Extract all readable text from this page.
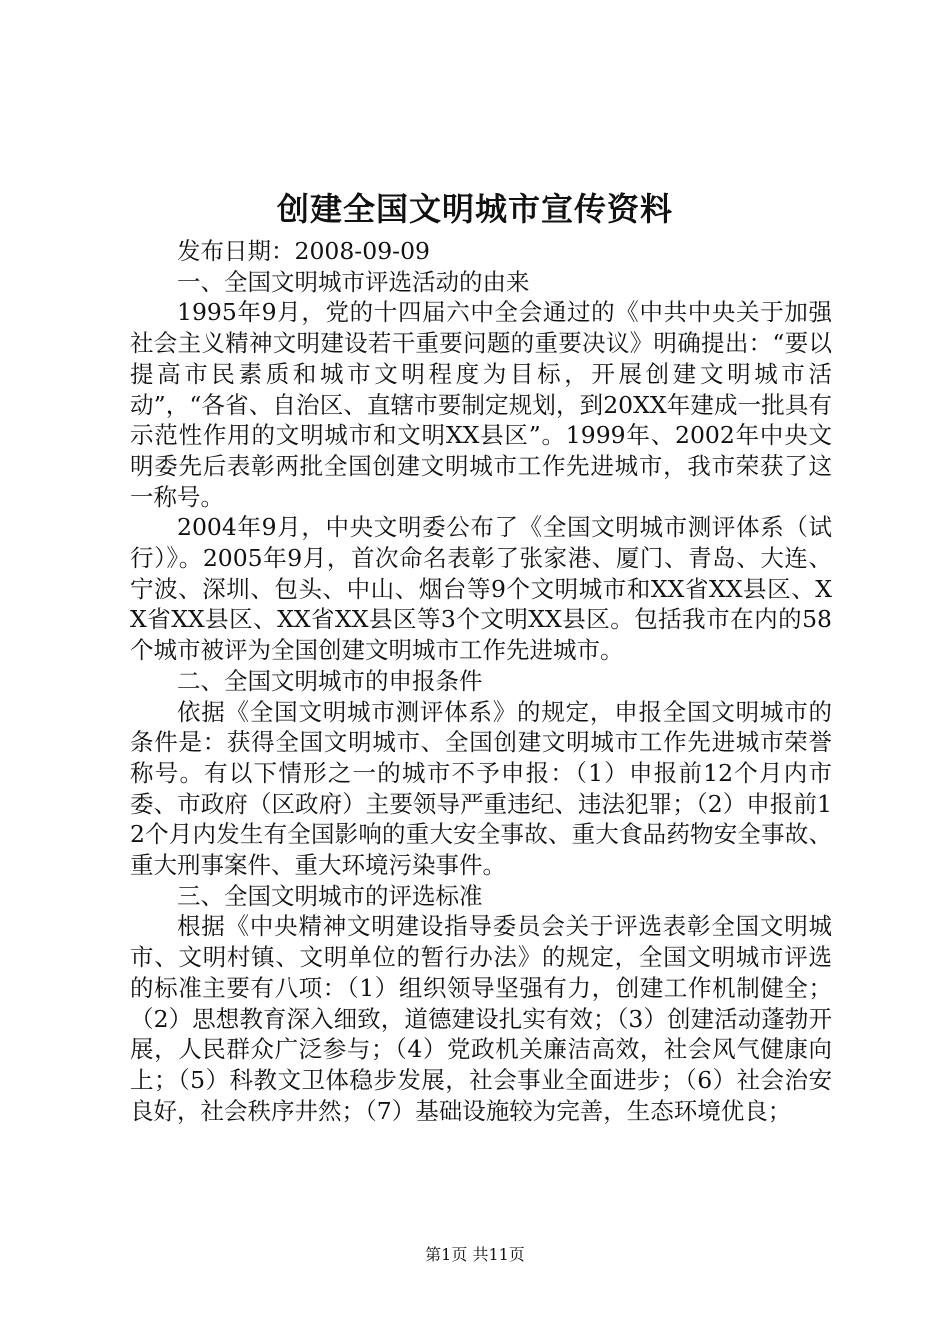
创建全国文明城市宣传资料

发布日期：2008-09-09

一、全国文明城市评选活动的由来

1995年9月，党的十四届六中全会通过的《中共中央关于加强社会主义精神文明建设若干重要问题的重要决议》明确提出：“要以提高市民素质和城市文明程度为目标，开展创建文明城市活动”，“各省、自治区、直辖市要制定规划，到20XX年建成一批具有示范性作用的文明城市和文明XX县区”。1999年、2002年中央文明委先后表彰两批全国创建文明城市工作先进城市，我市荣获了这一称号。

2004年9月，中央文明委公布了《全国文明城市测评体系（试行）》。2005年9月，首次命名表彰了张家港、厦门、青岛、大连、宁波、深圳、包头、中山、烟台等9个文明城市和XX省XX县区、XX省XX县区、XX省XX县区等3个文明XX县区。包括我市在内的58个城市被评为全国创建文明城市工作先进城市。

二、全国文明城市的申报条件

依据《全国文明城市测评体系》的规定，申报全国文明城市的条件是：获得全国文明城市、全国创建文明城市工作先进城市荣誉称号。有以下情形之一的城市不予申报：（1）申报前12个月内市委、市政府（区政府）主要领导严重违纪、违法犯罪；（2）申报前12个月内发生有全国影响的重大安全事故、重大食品药物安全事故、重大刑事案件、重大环境污染事件。

三、全国文明城市的评选标准

根据《中央精神文明建设指导委员会关于评选表彰全国文明城市、文明村镇、文明单位的暂行办法》的规定，全国文明城市评选的标准主要有八项：（1）组织领导坚强有力，创建工作机制健全；（2）思想教育深入细致，道德建设扎实有效；（3）创建活动蓬勃开展，人民群众广泛参与；（4）党政机关廉洁高效，社会风气健康向上；（5）科教文卫体稳步发展，社会事业全面进步；（6）社会治安良好，社会秩序井然；（7）基础设施较为完善，生态环境优良；

第1页 共11页
